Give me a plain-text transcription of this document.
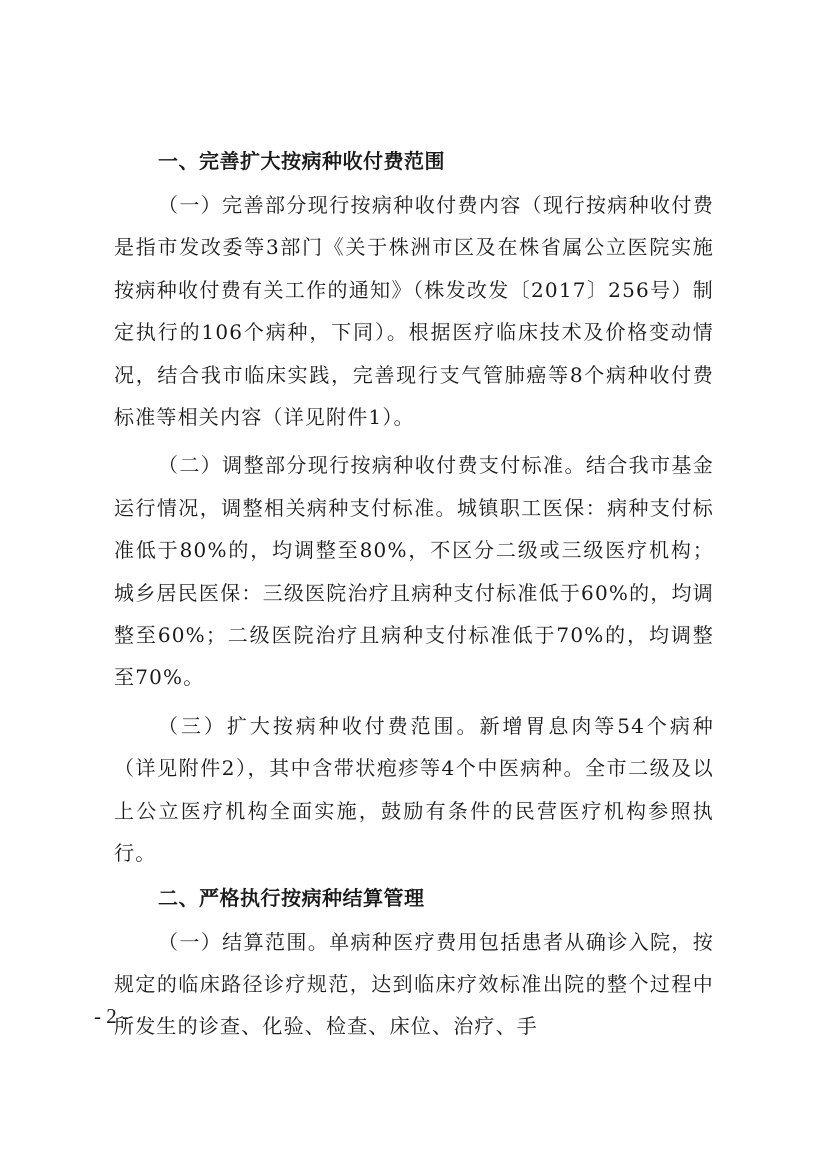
一、完善扩大按病种收付费范围

（一）完善部分现行按病种收付费内容（现行按病种收付费是指市发改委等3部门《关于株洲市区及在株省属公立医院实施按病种收付费有关工作的通知》（株发改发〔2017〕256号）制定执行的106个病种，下同）。根据医疗临床技术及价格变动情况，结合我市临床实践，完善现行支气管肺癌等8个病种收付费标准等相关内容（详见附件1）。

（二）调整部分现行按病种收付费支付标准。结合我市基金运行情况，调整相关病种支付标准。城镇职工医保：病种支付标准低于80%的，均调整至80%，不区分二级或三级医疗机构；城乡居民医保：三级医院治疗且病种支付标准低于60%的，均调整至60%；二级医院治疗且病种支付标准低于70%的，均调整至70%。

（三）扩大按病种收付费范围。新增胃息肉等54个病种（详见附件2），其中含带状疱疹等4个中医病种。全市二级及以上公立医疗机构全面实施，鼓励有条件的民营医疗机构参照执行。

二、严格执行按病种结算管理

（一）结算范围。单病种医疗费用包括患者从确诊入院，按规定的临床路径诊疗规范，达到临床疗效标准出院的整个过程中所发生的诊查、化验、检查、床位、治疗、手

- 2 -
